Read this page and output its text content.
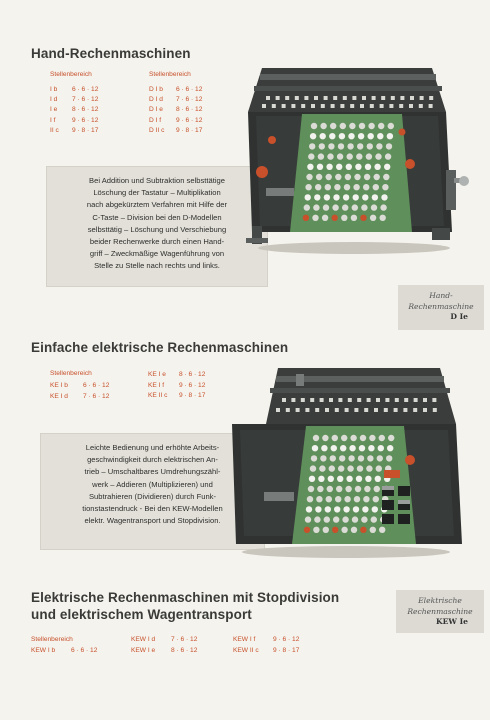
Hand-Rechenmaschinen
Stellenbereich	Stellenbereich
I b 6 · 6 · 12
I d 7 · 6 · 12
I e 8 · 6 · 12
I f	9 · 6 · 12
II c 9 · 8 · 17
D I b 6 · 6 · 12
D I d 7 · 6 · 12
D I e 8 · 6 · 12
D I f 9 · 6 · 12
D II c 9 · 8 · 17
Bei Addition und Subtraktion selbsttätige
Löschung der Tastatur – Multiplikation
nach abgekürztem Verfahren mit Hilfe der
C-Taste – Division bei den D-Modellen
selbsttätig – Löschung und Verschiebung
beider Rechenwerke durch einen Hand-
griff – Zweckmäßige Wagenführung von
Stelle zu Stelle nach rechts und links.
Hand-
Rechenmaschine
D Ie
Einfache elektrische Rechenmaschinen
Stellenbereich
KE I b 6 · 6 · 12
KE I d 7 · 6 · 12
KE I e 8 · 6 · 12
KE I f 9 · 6 · 12
KE II c 9 · 8 · 17
Leichte Bedienung und erhöhte Arbeits-
geschwindigkeit durch elektrischen An-
trieb – Umschaltbares Umdrehungszähl-
werk – Addieren (Multiplizieren) und
Subtrahieren (Dividieren) durch Funk-
tionstastendruck - Bei den KEW-Modellen
elektr. Wagentransport und Stopdivision.
Elektrische Rechenmaschinen mit Stopdivision
und elektrischem Wagentransport
Elektrische
Rechenmaschine
KEW Ie
Stellenbereich
KEW I b 6 · 6 · 12
KEW I d 7 · 6 · 12
KEW I e 8 · 6 · 12
KEW I f	9 · 6 · 12
KEW II c 9 · 8 · 17
